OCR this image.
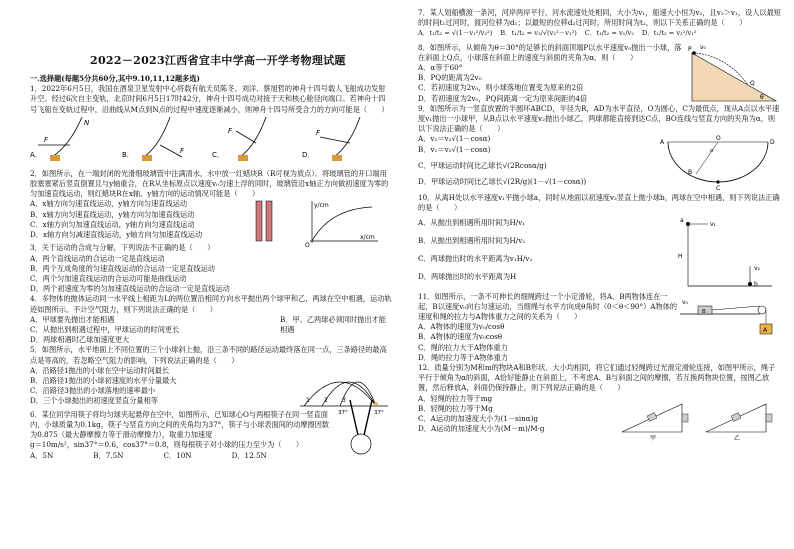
一.选择题(每题5分共60分,其中9.10,11,12题多选)

1．2022年6月5日，我国在酒泉卫星发射中心将载有航天员陈冬、刘洋、蔡旭哲的神舟十四号载人飞船成功发射升空。经过6次自主变轨，北京时间6月5日17时42分，神舟十四号成功对接于天和核心舱径向端口。若神舟十四号飞船在变轨过程中，沿曲线从M点到N点的过程中速度逐渐减小，则神舟十四号所受合力的方向可能是（　　）

A．
F
N
B．	F	C．
F
D．
F

2．如图所示，在一端封闭的光滑细玻璃管中注满清水，水中放一红蜡块R（R可视为质点）。将玻璃管的开口端用胶塞塞紧后竖直倒置且与y轴重合，在R从坐标原点以速度v₀匀速上浮的同时，玻璃管沿x轴正方向做初速度为零的匀加速直线运动，则红蜡块R在x轴、y轴方向的运动情况可能是（　　）

A．x轴方向匀速直线运动，y轴方向匀速直线运动

B．x轴方向匀速直线运动，y轴方向匀加速直线运动

C．x轴方向匀加速直线运动，y轴方向匀速直线运动

D．x轴方向匀减速直线运动，y轴方向匀加速直线运动

y/cm
x/cm
O

3．关于运动的合成与分解，下列说法不正确的是（　　）

A．两个直线运动的合运动一定是直线运动

B．两个互成角度的匀速直线运动的合运动一定是直线运动

C．两个匀加速直线运动的合运动可能是曲线运动

D．两个初速度为零的匀加速直线运动的合运动一定是直线运动

4．多物体的抛体运动同一水平线上相距为L的两位置沿相同方向水平抛出两个球甲和乙，两球在空中相遇，运动轨迹如图所示。不计空气阻力，则下列说法正确的是（　　）

A．甲球要先抛出才能相遇

C．从抛出到相遇过程中，甲球运动的时间更长

D．两球相遇时乙球加速度更大

B．甲、乙两球必须同时抛出才能相遇

5．如图所示，水平地面上不同位置的三个小球斜上抛，沿三条不同的路径运动最终落在同一点，三条路径的最高点是等高的，若忽略空气阻力的影响，下列说法正确的是（　　）

A．沿路径1抛出的小球在空中运动时间最长

B．沿路径1抛出的小球初速度的水平分量最大

C．沿路径3抛出的小球落地的速率最小

D．三个小球抛出的初速度竖直分量相等	1 2 3

6．某位同学用筷子将均匀球夹起悬停在空中，如图所示，已知球心O与两根筷子在同一竖直面内，小球质量为0.1kg，筷子与竖直方向之间的夹角均为37°，筷子与小球表面间的动摩擦因数为0.875（最大静摩擦力等于滑动摩擦力），取重力加速度

g＝10m/s²，sin37°＝0.6，cos37°＝0.8，则每根筷子对小球的压力至少为（　　）

A．5N	B．7.5N	C．10N	D．12.5N
37°	37°
2022－2023江西省宜丰中学高一开学考物理试题

7．某人划船横渡一条河，河岸两岸平行，河水流速处处相同，大小为v₁，船速大小恒为v₂，且v₂＞v₁，设人以最短的时间t₁过河时，渡河位移为d₁；以最短的位移d₂过河时，所用时间为t₂，则以下关系正确的是（　　）

A．t₁/t₂ = √(1－v₁²/v₂²) B．t₁/t₂ = v₂/√(v₂²－v₁²) C．t₁/t₂ = v₁/v₂ D．t₁/t₂ = v₂²/v₁²

8．如图所示，从倾角为θ＝30°的足够长的斜面顶端P以水平速度v₀抛出一小球，落在斜面上Q点，小球落在斜面上的速度与斜面的夹角为α，则（　　）

A．α等于60°

B．PQ的距离为2v₀

C．若初速度为2v₀，则小球落地位置变为原来的2倍

D．若初速度为2v₀，PQ间距离一定为原来间距的4倍

P
Q
v₀
θ

9．如图所示为一竖直放置的半圆环ABCD，半径为R，AD为水平直径，O为圆心，C为最低点，现从A点以水平速度v₁抛出一小球甲，从B点以水平速度v₂抛出小球乙，两球都能直接到达C点，BO连线与竖直方向的夹角为α，则以下说法正确的是（　　）

A．v₁＝v₂√(1－cosα)

B．v₁＝v₂√(1－cosα)

C．甲球运动时间比乙球长√(2Rcosα/g)

D．甲球运动时间比乙球长√(2R/g)(1－√(1－cosα))

A
B
O
D
C
α

10．从离H处以水平速度v₁平抛小球a，同时从地面以初速度v₂竖直上抛小球b，两球在空中相遇，则下列说法正确的是（　　）

A．从抛出到相遇所用时间为H/v₁

B．从抛出到相遇所用时间为H/v₂

C．两球抛出时的水平距离为v₁H/v₂

D．两球抛出时的水平距离为H

a
v₁
H
b
v₂

11．如图所示，一条不可伸长的细绳跨过一个小定滑轮，将A、B两物体连在一起，B以速度v₀向右匀速运动，当细绳与水平方向成θ角时（0＜θ＜90°）A物体的速度和绳的拉力与A物体重力之间的关系为（　　）

A．A物体的速度为v₀/cosθ

B．A物体的速度为v₀cosθ

C．绳的拉力大于A物体重力

D．绳的拉力等于A物体重力

v₀
B
A

12．质量分别为M和m的物块A和B形状、大小均相同，将它们通过轻绳跨过光滑定滑轮连接，如图甲所示，绳子平行于倾角为α的斜面，A恰好能静止在斜面上，不考虑A、B与斜面之间的摩擦，若互换两物块位置，按图乙放置，然后释放A，斜面仍保持静止，则下列说法正确的是（　　）

A．轻绳的拉力等于mg

B．轻绳的拉力等于Mg

C．A运动的加速度大小为(1－sinα)g

D．A运动的加速度大小为(M－m)/M·g

甲	乙
